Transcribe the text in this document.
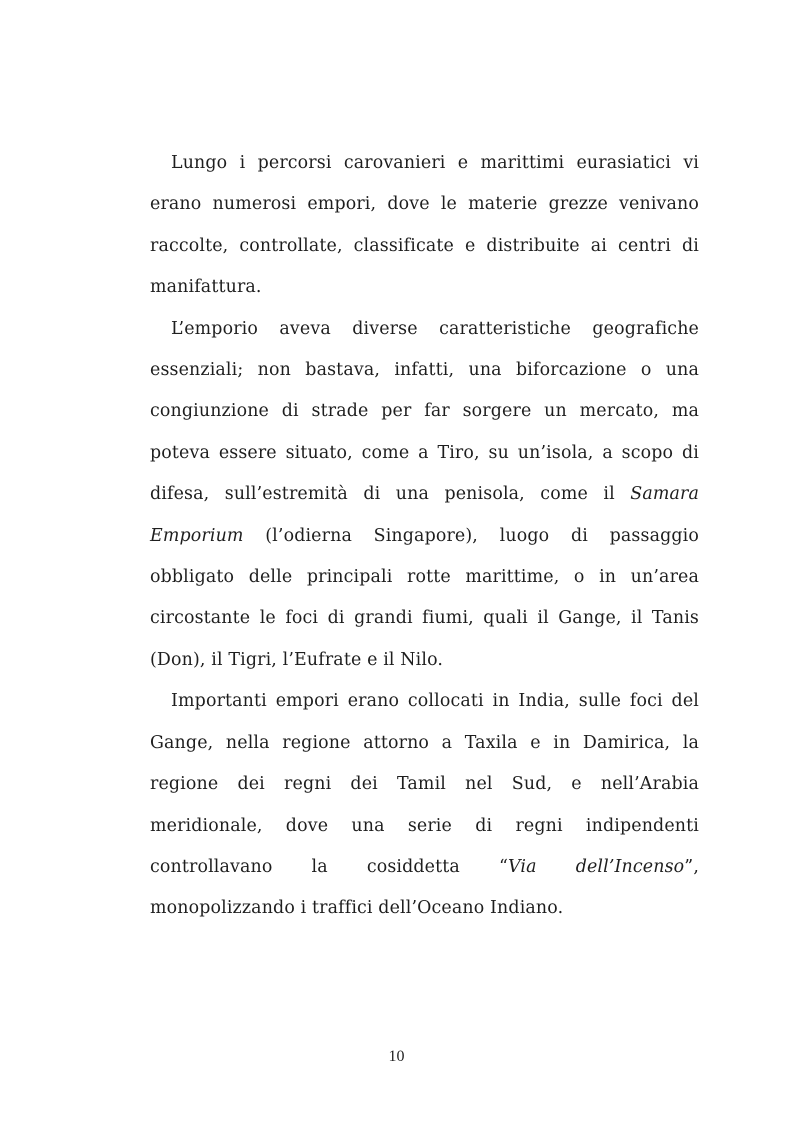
Lungo i percorsi carovanieri e marittimi eurasiatici vi erano numerosi empori, dove le materie grezze venivano raccolte, controllate, classificate e distribuite ai centri di manifattura.

L’emporio aveva diverse caratteristiche geografiche essenziali; non bastava, infatti, una biforcazione o una congiunzione di strade per far sorgere un mercato, ma poteva essere situato, come a Tiro, su un’isola, a scopo di difesa, sull’estremità di una penisola, come il Samara Emporium (l’odierna Singapore), luogo di passaggio obbligato delle principali rotte marittime, o in un’area circostante le foci di grandi fiumi, quali il Gange, il Tanis (Don), il Tigri, l’Eufrate e il Nilo.

Importanti empori erano collocati in India, sulle foci del Gange, nella regione attorno a Taxila e in Damirica, la regione dei regni dei Tamil nel Sud, e nell’Arabia meridionale, dove una serie di regni indipendenti controllavano la cosiddetta “Via dell’Incenso”, monopolizzando i traffici dell’Oceano Indiano.

10
